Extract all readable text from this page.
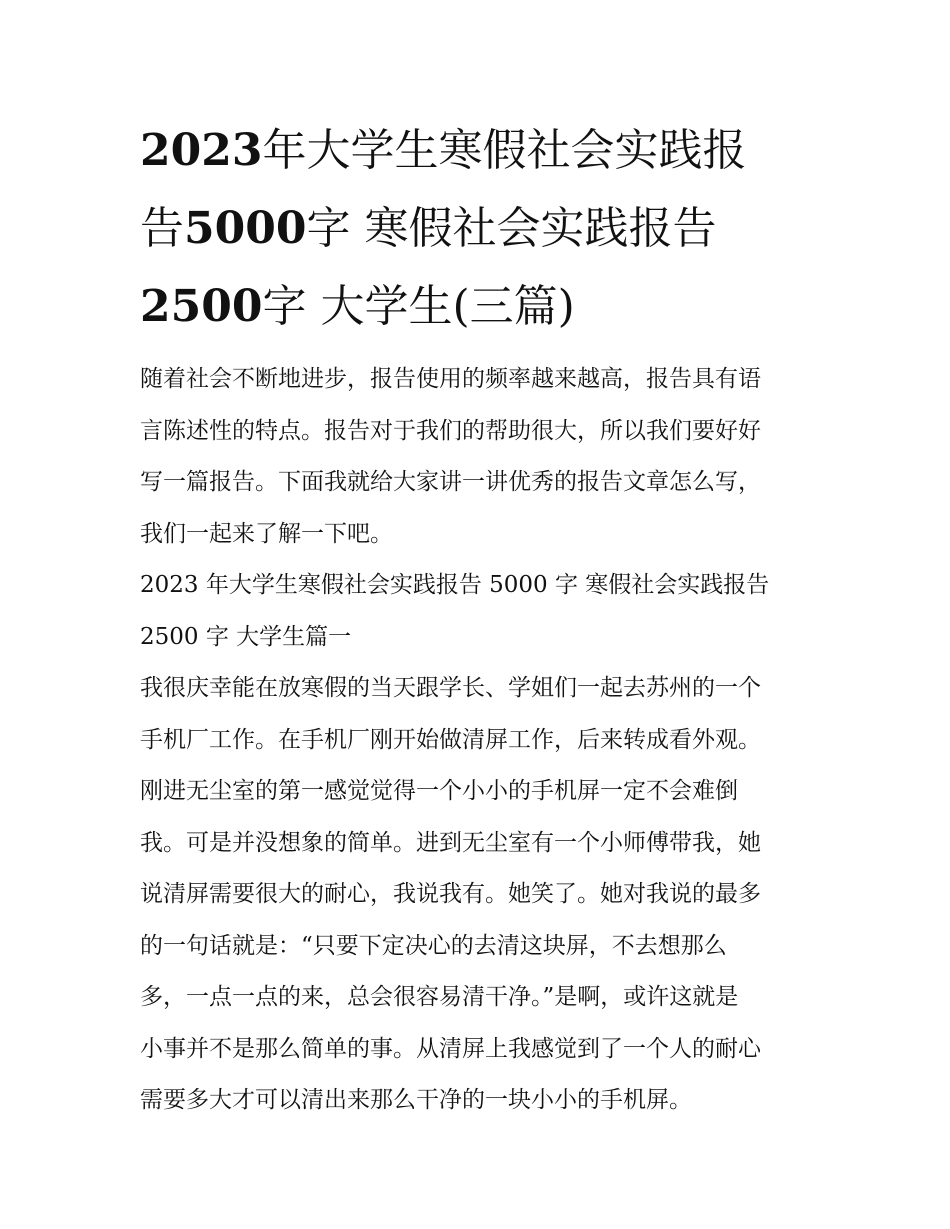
2023年大学生寒假社会实践报
告5000字 寒假社会实践报告
2500字 大学生(三篇)
随着社会不断地进步，报告使用的频率越来越高，报告具有语
言陈述性的特点。报告对于我们的帮助很大，所以我们要好好
写一篇报告。下面我就给大家讲一讲优秀的报告文章怎么写，
我们一起来了解一下吧。
2023 年大学生寒假社会实践报告 5000 字 寒假社会实践报告
2500 字 大学生篇一
我很庆幸能在放寒假的当天跟学长、学姐们一起去苏州的一个
手机厂工作。在手机厂刚开始做清屏工作，后来转成看外观。
刚进无尘室的第一感觉觉得一个小小的手机屏一定不会难倒
我。可是并没想象的简单。进到无尘室有一个小师傅带我，她
说清屏需要很大的耐心，我说我有。她笑了。她对我说的最多
的一句话就是：“只要下定决心的去清这块屏，不去想那么
多，一点一点的来，总会很容易清干净。”是啊，或许这就是
小事并不是那么简单的事。从清屏上我感觉到了一个人的耐心
需要多大才可以清出来那么干净的一块小小的手机屏。
